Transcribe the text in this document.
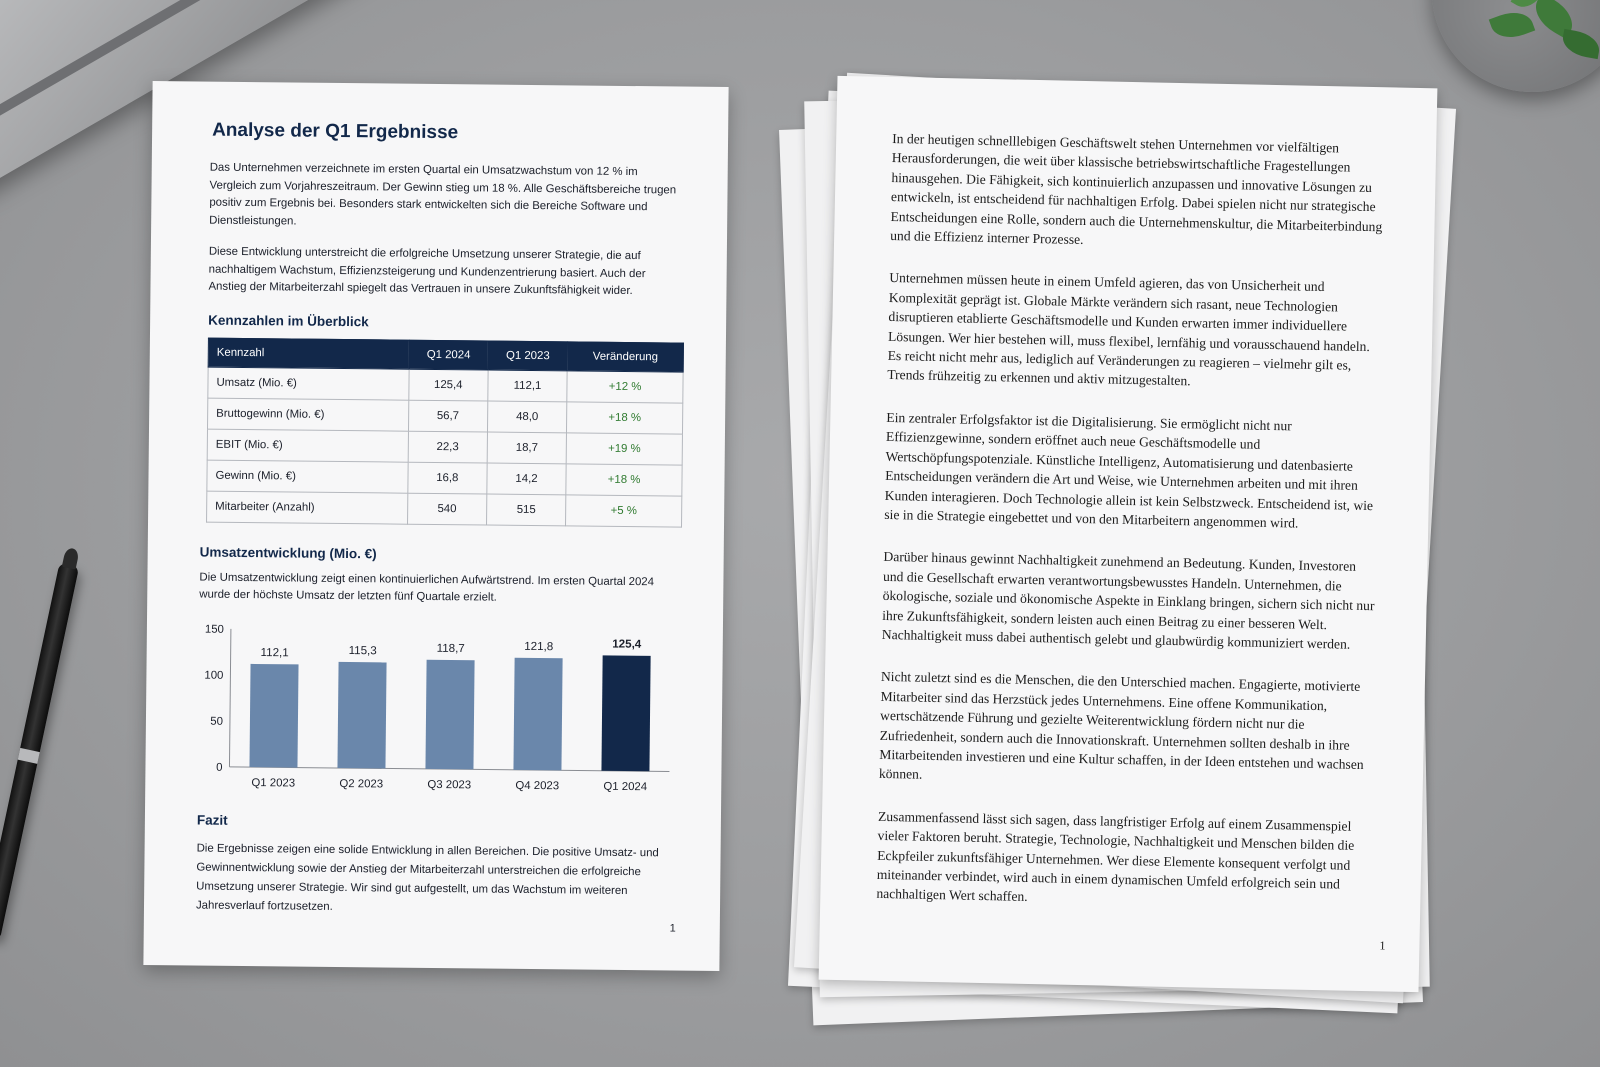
Analyse der Q1 Ergebnisse

Das Unternehmen verzeichnete im ersten Quartal ein Umsatzwachstum von 12 % im Vergleich zum Vorjahreszeitraum. Der Gewinn stieg um 18 %. Alle Geschäftsbereiche trugen positiv zum Ergebnis bei. Besonders stark entwickelten sich die Bereiche Software und Dienstleistungen.

Diese Entwicklung unterstreicht die erfolgreiche Umsetzung unserer Strategie, die auf nachhaltigem Wachstum, Effizienzsteigerung und Kundenzentrierung basiert. Auch der Anstieg der Mitarbeiterzahl spiegelt das Vertrauen in unsere Zukunftsfähigkeit wider.

Kennzahlen im Überblick
Kennzahl	Q1 2024	Q1 2023	Veränderung
Umsatz (Mio. €)	125,4	112,1	+12 %
Bruttogewinn (Mio. €)	56,7	48,0	+18 %
EBIT (Mio. €)	22,3	18,7	+19 %
Gewinn (Mio. €)	16,8	14,2	+18 %
Mitarbeiter (Anzahl)	540	515	+5 %
Umsatzentwicklung (Mio. €)

Die Umsatzentwicklung zeigt einen kontinuierlichen Aufwärtstrend. Im ersten Quartal 2024 wurde der höchste Umsatz der letzten fünf Quartale erzielt.

0
50
100
150
112,1
Q1 2023
115,3
Q2 2023
118,7
Q3 2023
121,8
Q4 2023
125,4
Q1 2024
Fazit

Die Ergebnisse zeigen eine solide Entwicklung in allen Bereichen. Die positive Umsatz- und Gewinnentwicklung sowie der Anstieg der Mitarbeiterzahl unterstreichen die erfolgreiche Umsetzung unserer Strategie. Wir sind gut aufgestellt, um das Wachstum im weiteren Jahresverlauf fortzusetzen.

1

In der heutigen schnelllebigen Geschäftswelt stehen Unternehmen vor vielfältigen Herausforderungen, die weit über klassische betriebswirtschaftliche Fragestellungen hinausgehen. Die Fähigkeit, sich kontinuierlich anzupassen und innovative Lösungen zu entwickeln, ist entscheidend für nachhaltigen Erfolg. Dabei spielen nicht nur strategische Entscheidungen eine Rolle, sondern auch die Unternehmenskultur, die Mitarbeiterbindung und die Effizienz interner Prozesse.

Unternehmen müssen heute in einem Umfeld agieren, das von Unsicherheit und Komplexität geprägt ist. Globale Märkte verändern sich rasant, neue Technologien disruptieren etablierte Geschäftsmodelle und Kunden erwarten immer individuellere Lösungen. Wer hier bestehen will, muss flexibel, lernfähig und vorausschauend handeln. Es reicht nicht mehr aus, lediglich auf Veränderungen zu reagieren – vielmehr gilt es, Trends frühzeitig zu erkennen und aktiv mitzugestalten.

Ein zentraler Erfolgsfaktor ist die Digitalisierung. Sie ermöglicht nicht nur Effizienzgewinne, sondern eröffnet auch neue Geschäftsmodelle und Wertschöpfungspotenziale. Künstliche Intelligenz, Automatisierung und datenbasierte Entscheidungen verändern die Art und Weise, wie Unternehmen arbeiten und mit ihren Kunden interagieren. Doch Technologie allein ist kein Selbstzweck. Entscheidend ist, wie sie in die Strategie eingebettet und von den Mitarbeitern angenommen wird.

Darüber hinaus gewinnt Nachhaltigkeit zunehmend an Bedeutung. Kunden, Investoren und die Gesellschaft erwarten verantwortungsbewusstes Handeln. Unternehmen, die ökologische, soziale und ökonomische Aspekte in Einklang bringen, sichern sich nicht nur ihre Zukunftsfähigkeit, sondern leisten auch einen Beitrag zu einer besseren Welt. Nachhaltigkeit muss dabei authentisch gelebt und glaubwürdig kommuniziert werden.

Nicht zuletzt sind es die Menschen, die den Unterschied machen. Engagierte, motivierte Mitarbeiter sind das Herzstück jedes Unternehmens. Eine offene Kommunikation, wertschätzende Führung und gezielte Weiterentwicklung fördern nicht nur die Zufriedenheit, sondern auch die Innovationskraft. Unternehmen sollten deshalb in ihre Mitarbeitenden investieren und eine Kultur schaffen, in der Ideen entstehen und wachsen können.

Zusammenfassend lässt sich sagen, dass langfristiger Erfolg auf einem Zusammenspiel vieler Faktoren beruht. Strategie, Technologie, Nachhaltigkeit und Menschen bilden die Eckpfeiler zukunftsfähiger Unternehmen. Wer diese Elemente konsequent verfolgt und miteinander verbindet, wird auch in einem dynamischen Umfeld erfolgreich sein und nachhaltigen Wert schaffen.

1
